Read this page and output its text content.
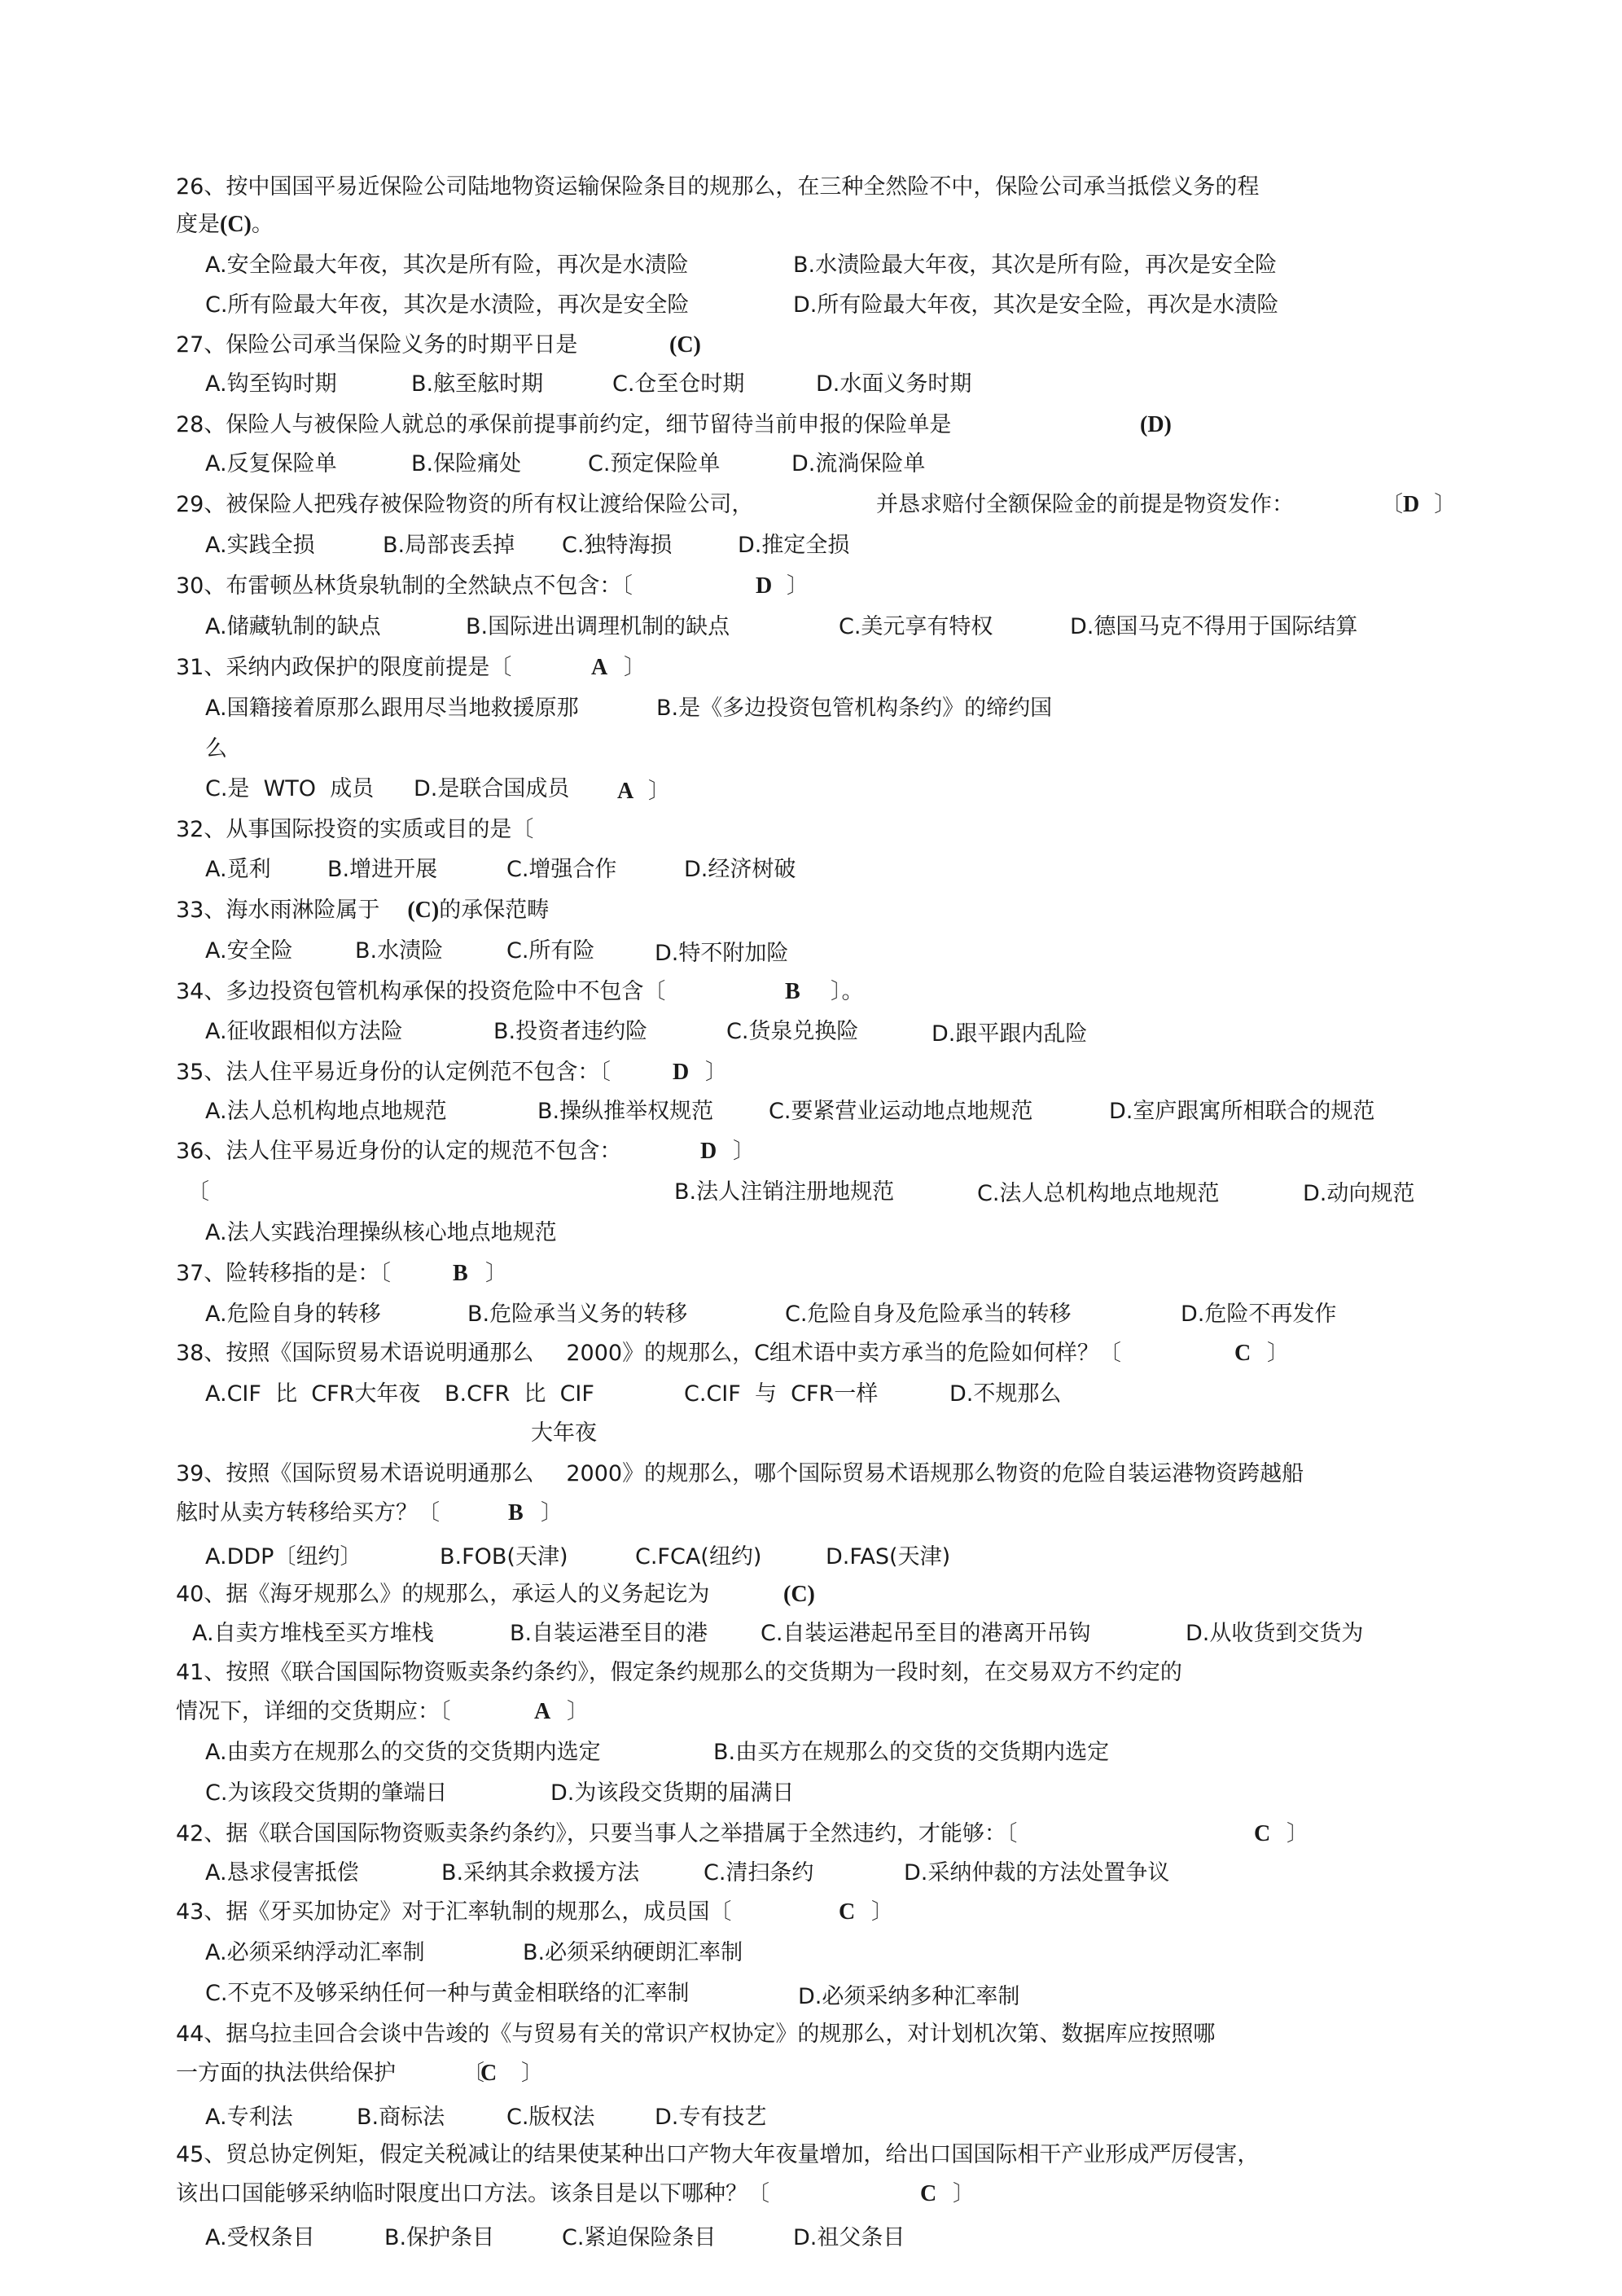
26、按中国国平易近保险公司陆地物资运输保险条目的规那么，在三种全然险不中，保险公司承当抵偿义务的程
度是(C)。
A.安全险最大年夜，其次是所有险，再次是水渍险	B.水渍险最大年夜，其次是所有险，再次是安全险
C.所有险最大年夜，其次是水渍险，再次是安全险	D.所有险最大年夜，其次是安全险，再次是水渍险
27、保险公司承当保险义务的时期平日是	(C)
A.钩至钩时期	B.舷至舷时期	C.仓至仓时期	D.水面义务时期
28、保险人与被保险人就总的承保前提事前约定，细节留待当前申报的保险单是	(D)
A.反复保险单	B.保险痛处	C.预定保险单	D.流淌保险单
29、被保险人把残存被保险物资的所有权让渡给保险公司，	并恳求赔付全额保险金的前提是物资发作：	〔D 〕
A.实践全损	B.局部丧丢掉 C.独特海损	D.推定全损
30、布雷顿丛林货泉轨制的全然缺点不包含：〔	D 〕
A.储藏轨制的缺点	B.国际进出调理机制的缺点	C.美元享有特权	D.德国马克不得用于国际结算
31、采纳内政保护的限度前提是〔	A 〕
A.国籍接着原那么跟用尽当地救援原那	B.是《多边投资包管机构条约》的缔约国
么
C.是  WTO  成员 D.是联合国成员 A 〕
32、从事国际投资的实质或目的是〔
A.觅利	B.增进开展	C.增强合作	D.经济树破
33、海水雨淋险属于 (C)的承保范畴
A.安全险	B.水渍险	C.所有险	D.特不附加险
34、多边投资包管机构承保的投资危险中不包含〔	B 〕。
A.征收跟相似方法险	B.投资者违约险	C.货泉兑换险	D.跟平跟内乱险
35、法人住平易近身份的认定例范不包含：〔	D 〕
A.法人总机构地点地规范	B.操纵推举权规范	C.要紧营业运动地点地规范	D.室庐跟寓所相联合的规范
36、法人住平易近身份的认定的规范不包含：	D 〕
〔	B.法人注销注册地规范	C.法人总机构地点地规范	D.动向规范
A.法人实践治理操纵核心地点地规范
37、险转移指的是：〔	B 〕
A.危险自身的转移	B.危险承当义务的转移	C.危险自身及危险承当的转移	D.危险不再发作
38、按照《国际贸易术语说明通那么 2000》的规那么，C组术语中卖方承当的危险如何样？〔	C 〕
A.CIF  比  CFR大年夜 B.CFR  比  CIF
大年夜
C.CIF  与  CFR一样	D.不规那么
39、按照《国际贸易术语说明通那么 2000》的规那么，哪个国际贸易术语规那么物资的危险自装运港物资跨越船
舷时从卖方转移给买方？〔	B 〕
A.DDP〔纽约〕	B.FOB(天津)	C.FCA(纽约)	D.FAS(天津)
40、据《海牙规那么》的规那么，承运人的义务起讫为	(C)
A.自卖方堆栈至买方堆栈	B.自装运港至目的港 C.自装运港起吊至目的港离开吊钩	D.从收货到交货为
41、按照《联合国国际物资贩卖条约条约》，假定条约规那么的交货期为一段时刻，在交易双方不约定的
情况下，详细的交货期应：〔	A 〕
A.由卖方在规那么的交货的交货期内选定	B.由买方在规那么的交货的交货期内选定
C.为该段交货期的肇端日	D.为该段交货期的届满日
42、据《联合国国际物资贩卖条约条约》，只要当事人之举措属于全然违约，才能够：〔	C 〕
A.恳求侵害抵偿	B.采纳其余救援方法	C.清扫条约	D.采纳仲裁的方法处置争议
43、据《牙买加协定》对于汇率轨制的规那么，成员国〔	C 〕
A.必须采纳浮动汇率制	B.必须采纳硬朗汇率制
C.不克不及够采纳任何一种与黄金相联络的汇率制	D.必须采纳多种汇率制
44、据乌拉圭回合会谈中告竣的《与贸易有关的常识产权协定》的规那么，对计划机次第、数据库应按照哪
一方面的执法供给保护	〔
C 〕
A.专利法	B.商标法	C.版权法	D.专有技艺
45、贸总协定例矩，假定关税减让的结果使某种出口产物大年夜量增加，给出口国国际相干产业形成严厉侵害，
该出口国能够采纳临时限度出口方法。该条目是以下哪种？〔	C 〕
A.受权条目	B.保护条目	C.紧迫保险条目	D.祖父条目
